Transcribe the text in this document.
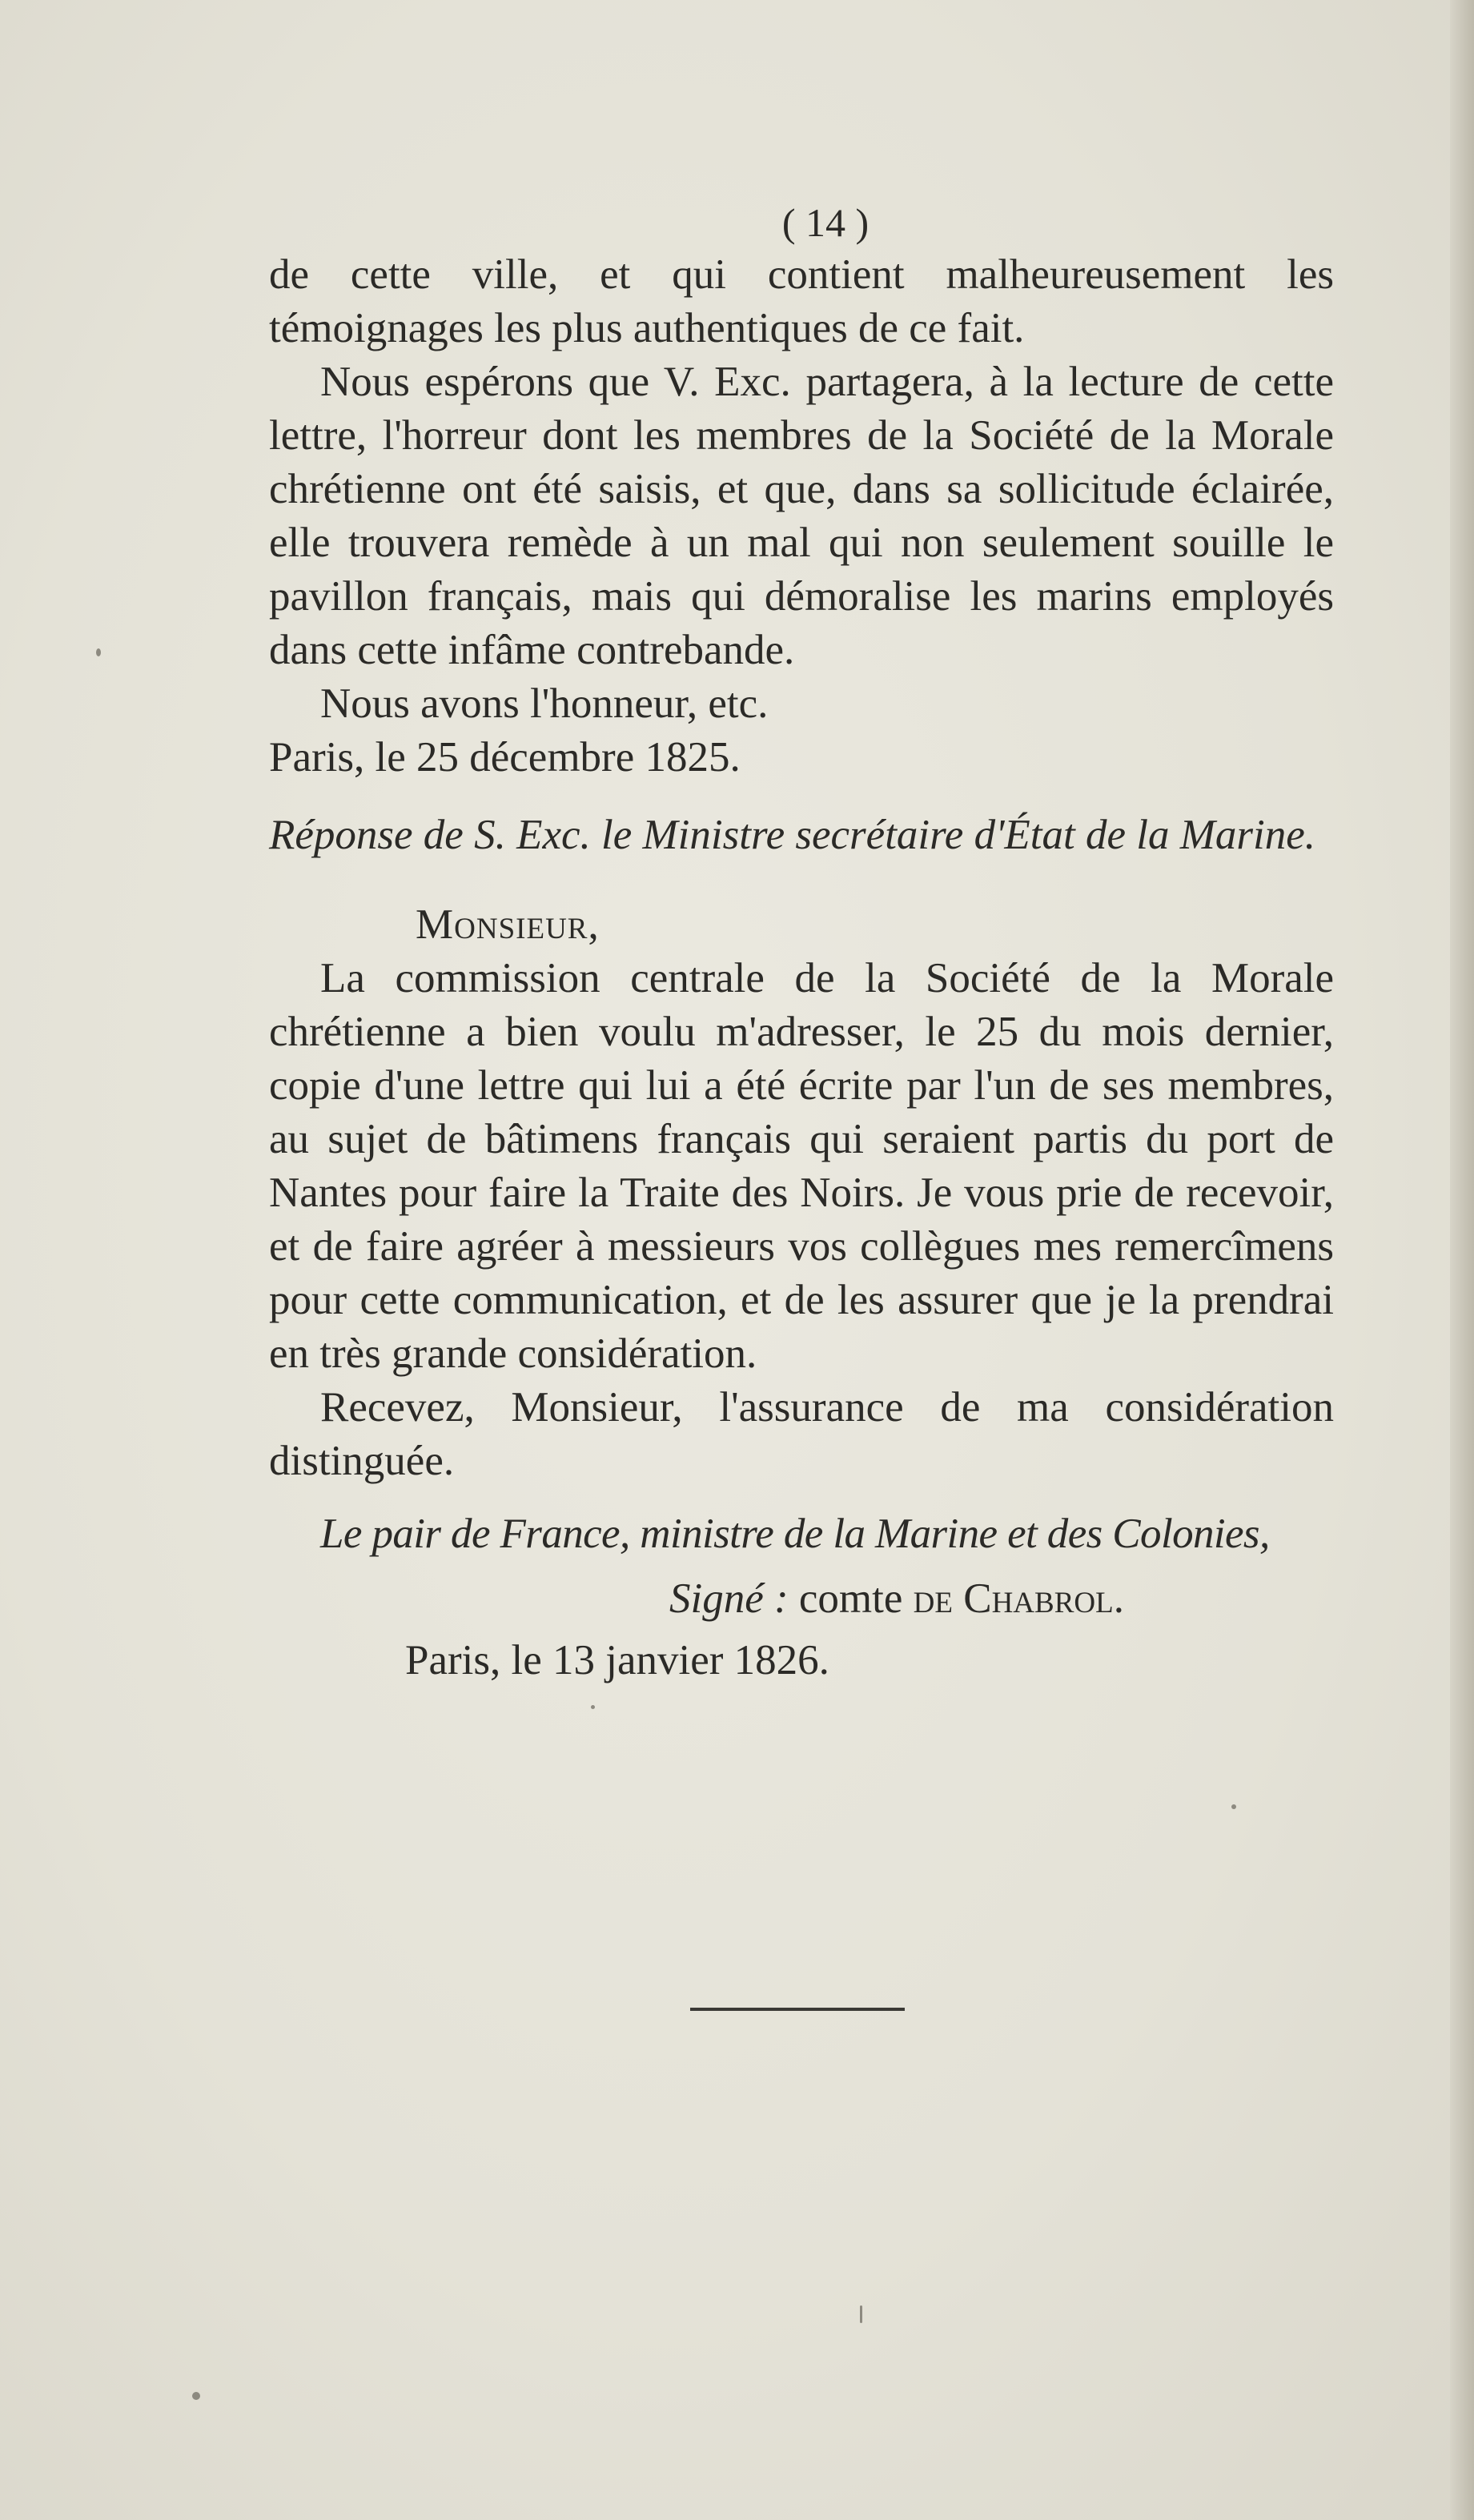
( 14 )

de cette ville, et qui contient malheureusement les témoignages les plus authentiques de ce fait.

Nous espérons que V. Exc. partagera, à la lecture de cette lettre, l'horreur dont les membres de la Société de la Morale chrétienne ont été saisis, et que, dans sa sollicitude éclairée, elle trouvera remède à un mal qui non seulement souille le pavillon français, mais qui démoralise les marins employés dans cette infâme contrebande.

Nous avons l'honneur, etc.

Paris, le 25 décembre 1825.

Réponse de S. Exc. le Ministre secrétaire d'État de la Marine.

Monsieur,

La commission centrale de la Société de la Morale chrétienne a bien voulu m'adresser, le 25 du mois dernier, copie d'une lettre qui lui a été écrite par l'un de ses membres, au sujet de bâtimens français qui seraient partis du port de Nantes pour faire la Traite des Noirs. Je vous prie de recevoir, et de faire agréer à messieurs vos collègues mes remercîmens pour cette communication, et de les assurer que je la prendrai en très grande considération.

Recevez, Monsieur, l'assurance de ma considération distinguée.

Le pair de France, ministre de la Marine et des Colonies,

Signé : comte de Chabrol.

Paris, le 13 janvier 1826.
